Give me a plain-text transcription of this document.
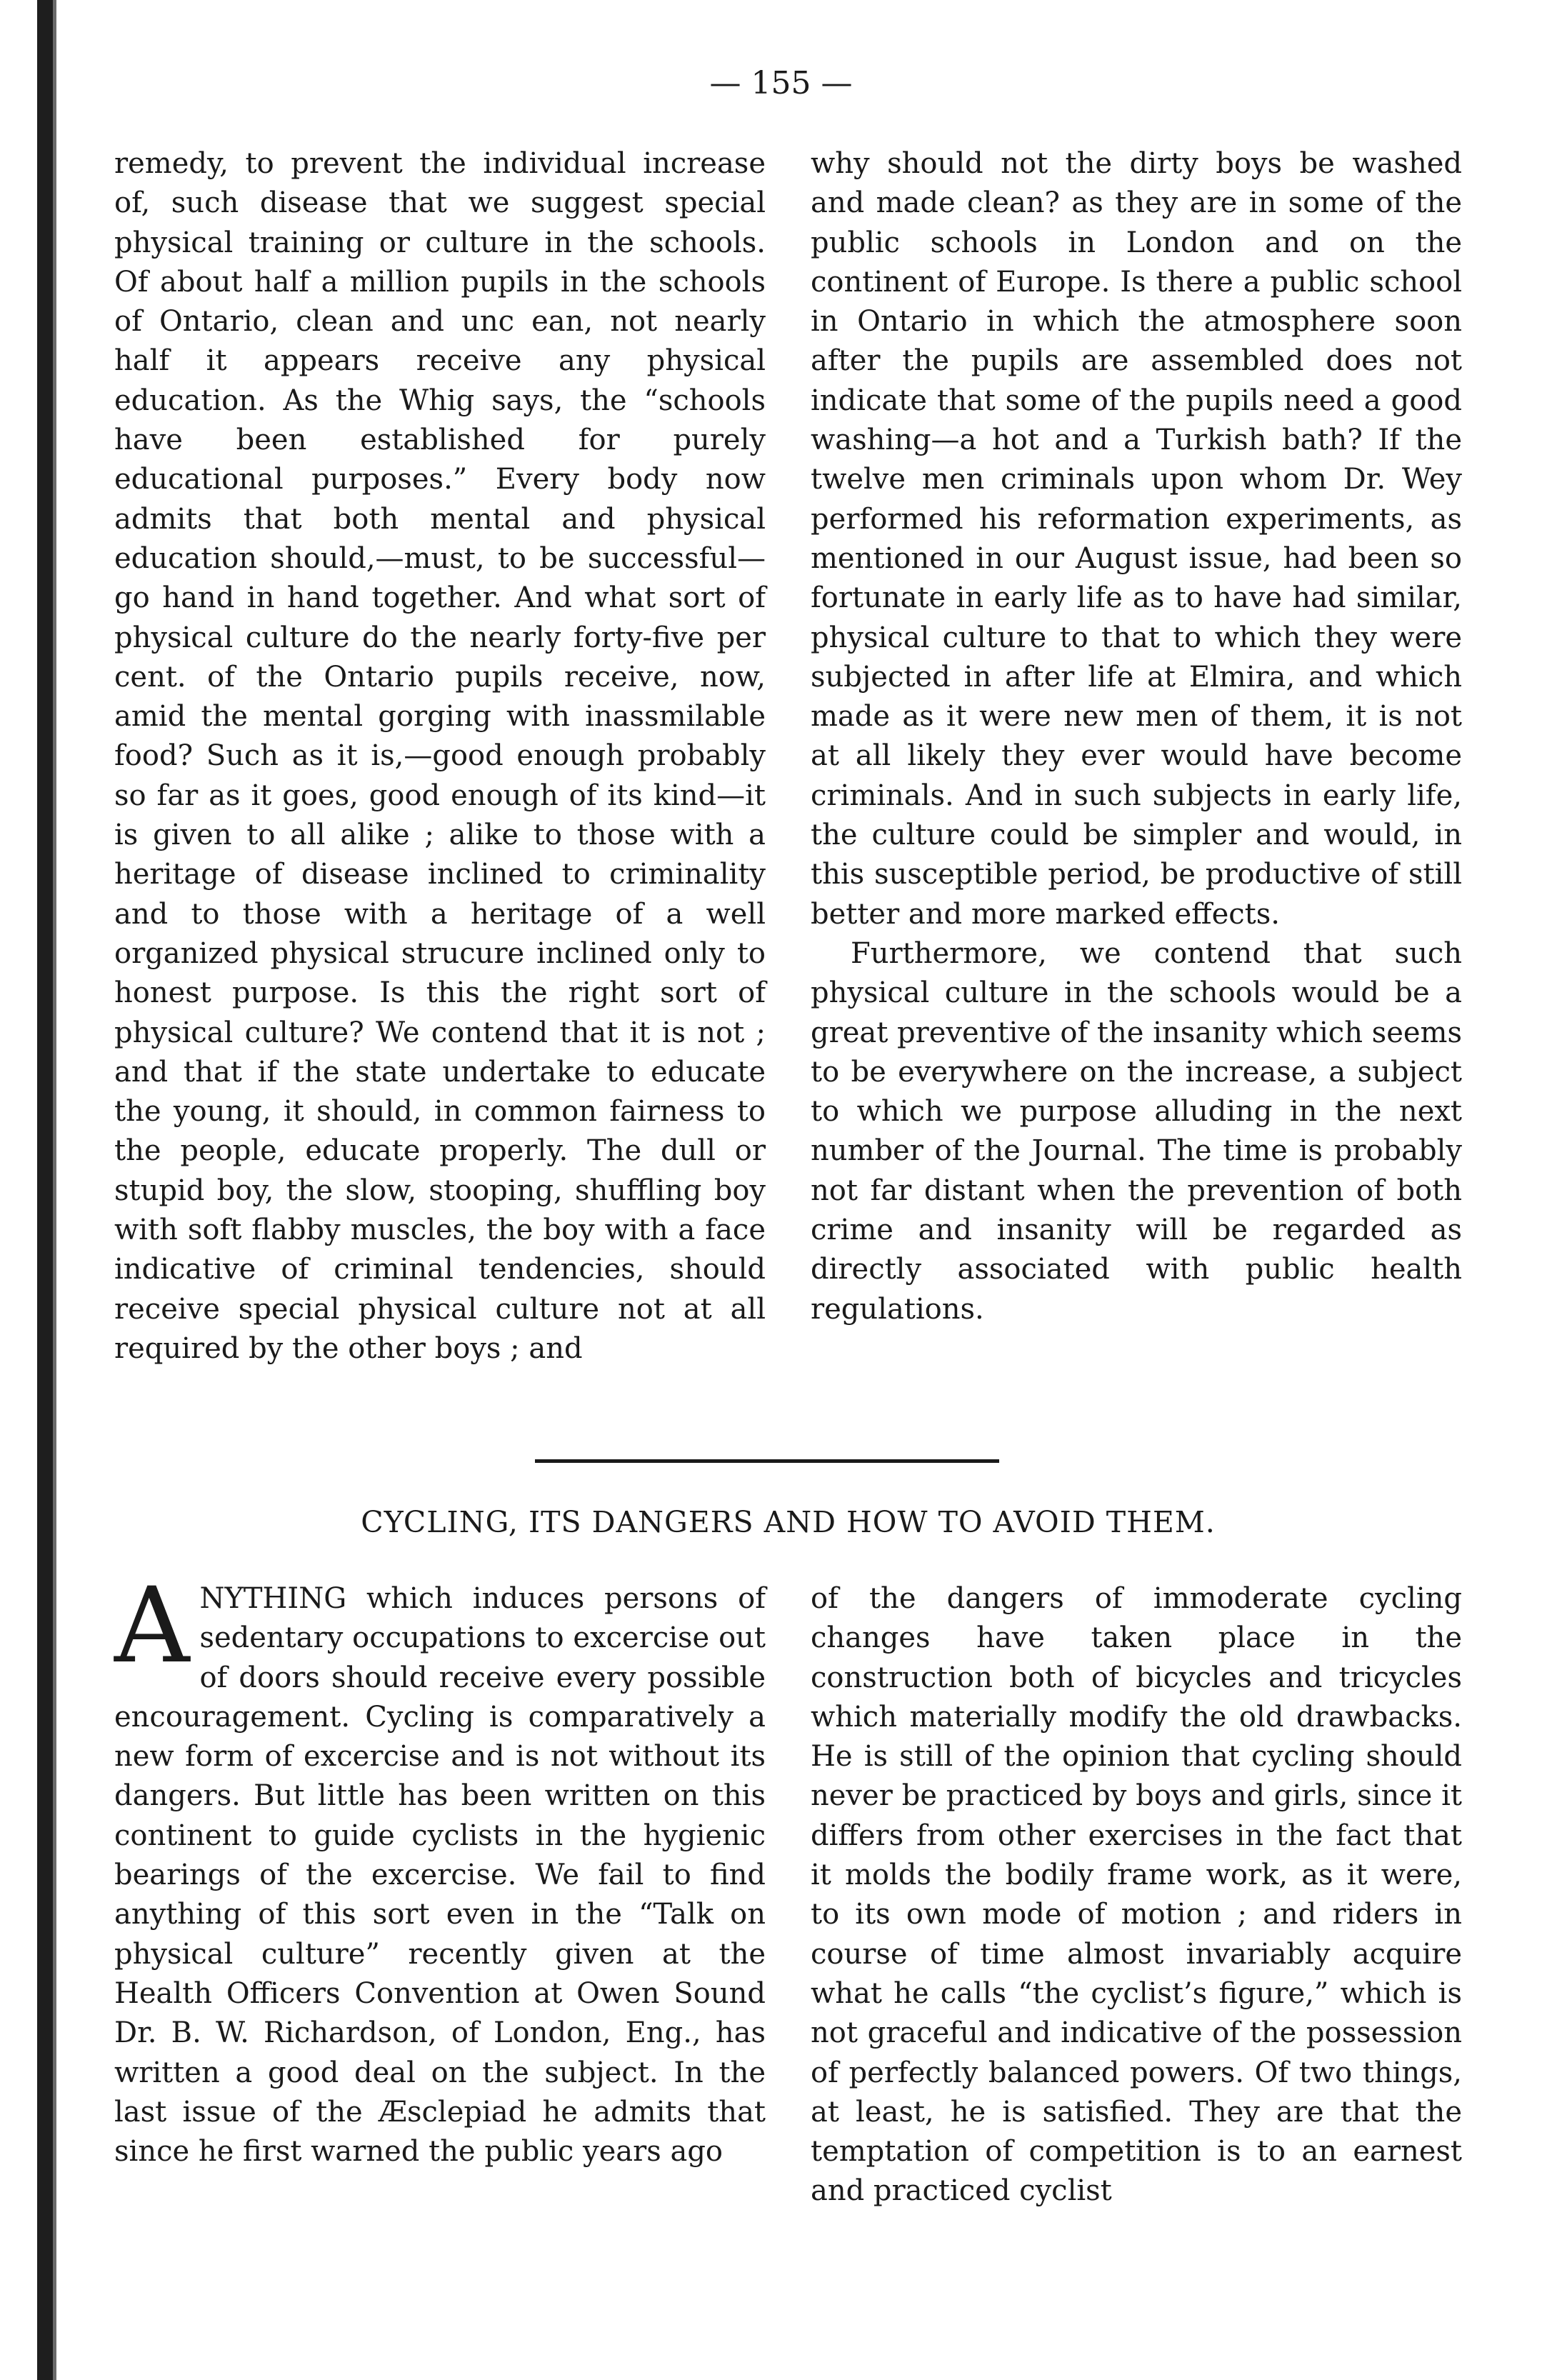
— 155 —

remedy, to prevent the individual increase of, such disease that we suggest special physical training or culture in the schools. Of about half a million pupils in the schools of Ontario, clean and unc ean, not nearly half it appears receive any physical education. As the Whig says, the “schools have been established for purely educational purposes.” Every body now admits that both mental and physical education should,—must, to be successful—go hand in hand together. And what sort of physical culture do the nearly forty-five per cent. of the Ontario pupils receive, now, amid the mental gorging with inassmilable food? Such as it is,—good enough probably so far as it goes, good enough of its kind—it is given to all alike ; alike to those with a heritage of disease inclined to criminality and to those with a heritage of a well organized physical strucure inclined only to honest purpose. Is this the right sort of physical culture? We contend that it is not ; and that if the state undertake to educate the young, it should, in common fairness to the people, educate properly. The dull or stupid boy, the slow, stooping, shuffling boy with soft flabby muscles, the boy with a face indicative of criminal tendencies, should receive special physical culture not at all required by the other boys ; and

why should not the dirty boys be washed and made clean? as they are in some of the public schools in London and on the continent of Europe. Is there a public school in Ontario in which the atmosphere soon after the pupils are assembled does not indicate that some of the pupils need a good washing—a hot and a Turkish bath? If the twelve men criminals upon whom Dr. Wey performed his reformation experiments, as mentioned in our August issue, had been so fortunate in early life as to have had similar, physical culture to that to which they were subjected in after life at Elmira, and which made as it were new men of them, it is not at all likely they ever would have become criminals. And in such subjects in early life, the culture could be simpler and would, in this susceptible period, be productive of still better and more marked effects.

Furthermore, we contend that such physical culture in the schools would be a great preventive of the insanity which seems to be everywhere on the increase, a subject to which we purpose alluding in the next number of the Journal. The time is probably not far distant when the prevention of both crime and insanity will be regarded as directly associated with public health regulations.

CYCLING, ITS DANGERS AND HOW TO AVOID THEM.

ANYTHING which induces persons of sedentary occupations to excercise out of doors should receive every possible encouragement. Cycling is comparatively a new form of excercise and is not without its dangers. But little has been written on this continent to guide cyclists in the hygienic bearings of the excercise. We fail to find anything of this sort even in the “Talk on physical culture” recently given at the Health Officers Convention at Owen Sound Dr. B. W. Richardson, of London, Eng., has written a good deal on the subject. In the last issue of the Æsclepiad he admits that since he first warned the public years ago

of the dangers of immoderate cycling changes have taken place in the construction both of bicycles and tricycles which materially modify the old drawbacks. He is still of the opinion that cycling should never be practiced by boys and girls, since it differs from other exercises in the fact that it molds the bodily frame work, as it were, to its own mode of motion ; and riders in course of time almost invariably acquire what he calls “the cyclist’s figure,” which is not graceful and indicative of the possession of perfectly balanced powers. Of two things, at least, he is satisfied. They are that the temptation of competition is to an earnest and practiced cyclist
